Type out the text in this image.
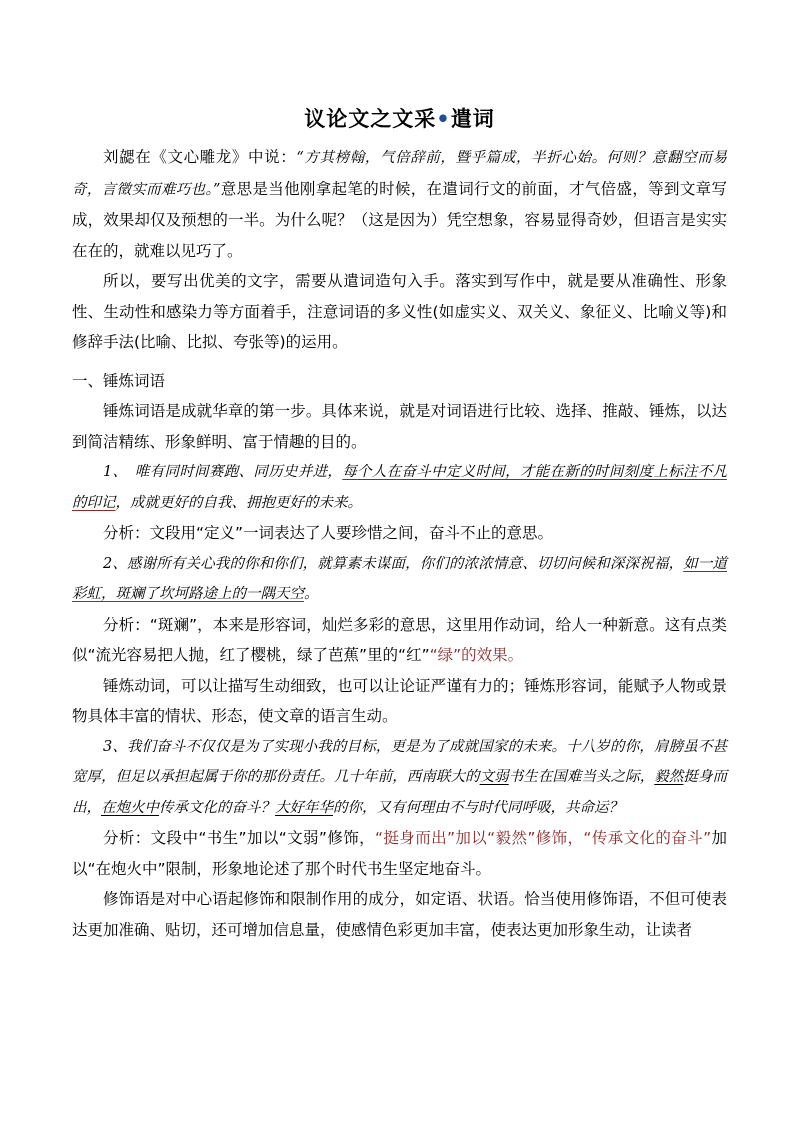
议论文之文采•遣词

刘勰在《文心雕龙》中说：“方其榜翰，气倍辞前，暨乎篇成，半折心始。何则？意翻空而易奇，言徵实而难巧也。”意思是当他刚拿起笔的时候，在遣词行文的前面，才气倍盛，等到文章写成，效果却仅及预想的一半。为什么呢？（这是因为）凭空想象，容易显得奇妙，但语言是实实在在的，就难以见巧了。

所以，要写出优美的文字，需要从遣词造句入手。落实到写作中，就是要从准确性、形象性、生动性和感染力等方面着手，注意词语的多义性(如虚实义、双关义、象征义、比喻义等)和修辞手法(比喻、比拟、夸张等)的运用。

一、锤炼词语

锤炼词语是成就华章的第一步。具体来说，就是对词语进行比较、选择、推敲、锤炼，以达到简洁精练、形象鲜明、富于情趣的目的。

1、　唯有同时间赛跑、同历史并进，每个人在奋斗中定义时间，才能在新的时间刻度上标注不凡的印记，成就更好的自我、拥抱更好的未来。

分析：文段用“定义”一词表达了人要珍惜之间，奋斗不止的意思。

2、感谢所有关心我的你和你们，就算素未谋面，你们的浓浓情意、切切问候和深深祝福，如一道彩虹，斑斓了坎坷路途上的一隅天空。

分析：“斑斓”，本来是形容词，灿烂多彩的意思，这里用作动词，给人一种新意。这有点类似“流光容易把人抛，红了樱桃，绿了芭蕉”里的“红”“绿”的效果。

锤炼动词，可以让描写生动细致，也可以让论证严谨有力的；锤炼形容词，能赋予人物或景物具体丰富的情状、形态，使文章的语言生动。

3、我们奋斗不仅仅是为了实现小我的目标，更是为了成就国家的未来。十八岁的你，肩膀虽不甚宽厚，但足以承担起属于你的那份责任。几十年前，西南联大的文弱书生在国难当头之际，毅然挺身而出，在炮火中传承文化的奋斗？大好年华的你，又有何理由不与时代同呼吸，共命运？

分析：文段中“书生”加以“文弱”修饰，“挺身而出”加以“毅然”修饰，“传承文化的奋斗”加以“在炮火中”限制，形象地论述了那个时代书生坚定地奋斗。

修饰语是对中心语起修饰和限制作用的成分，如定语、状语。恰当使用修饰语，不但可使表达更加准确、贴切，还可增加信息量，使感情色彩更加丰富，使表达更加形象生动，让读者
